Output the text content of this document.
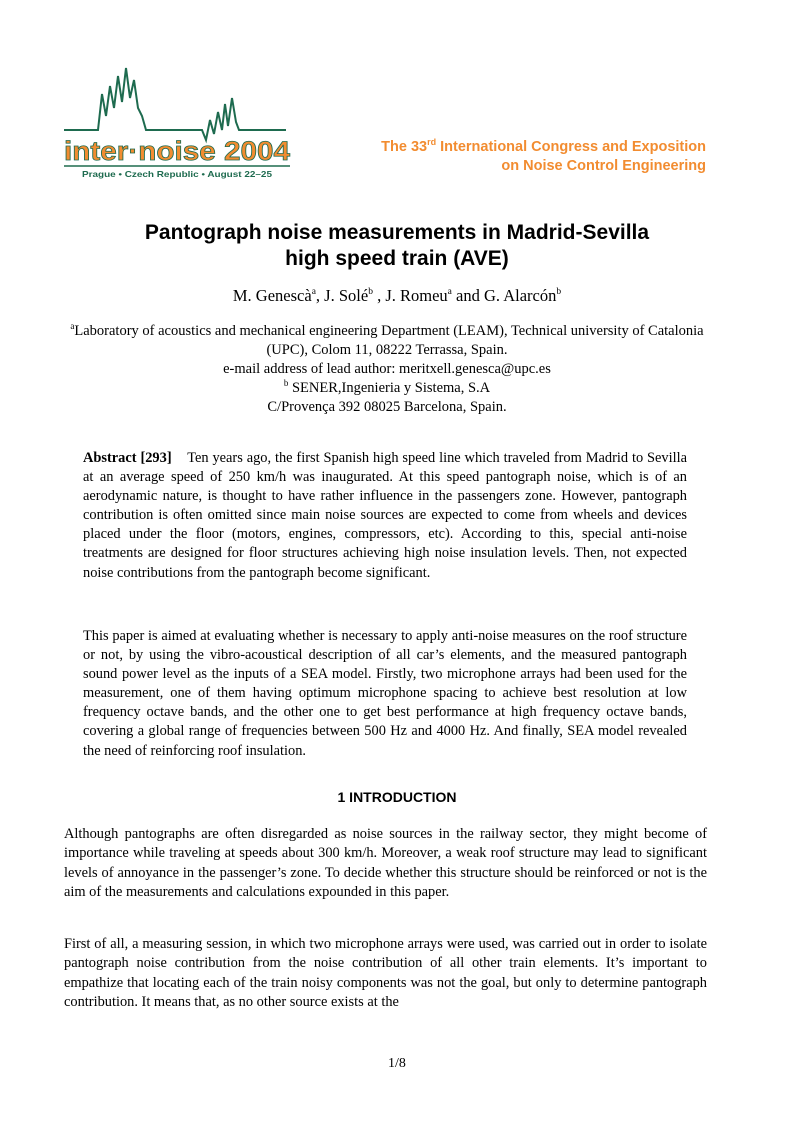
inter·noise 2004
Prague • Czech Republic • August 22–25
The 33rd International Congress and Exposition
on Noise Control Engineering
Pantograph noise measurements in Madrid-Sevilla
high speed train (AVE)
M. Genescà$^a$, J. Solé$^b$ , J. Romeu$^a$ and G. Alarcón$^b$
$^a$Laboratory of acoustics and mechanical engineering Department (LEAM), Technical university of Catalonia (UPC), Colom 11, 08222 Terrassa, Spain.
e-mail address of lead author: meritxell.genesca@upc.es
$^b$ SENER,Ingenieria y Sistema, S.A
C/Provença 392 08025 Barcelona, Spain.
Abstract [293] Ten years ago, the first Spanish high speed line which traveled from Madrid to Sevilla at an average speed of 250 km/h was inaugurated. At this speed pantograph noise, which is of an aerodynamic nature, is thought to have rather influence in the passengers zone. However, pantograph contribution is often omitted since main noise sources are expected to come from wheels and devices placed under the floor (motors, engines, compressors, etc). According to this, special anti-noise treatments are designed for floor structures achieving high noise insulation levels. Then, not expected noise contributions from the pantograph become significant.
This paper is aimed at evaluating whether is necessary to apply anti-noise measures on the roof structure or not, by using the vibro-acoustical description of all car’s elements, and the measured pantograph sound power level as the inputs of a SEA model. Firstly, two microphone arrays had been used for the measurement, one of them having optimum microphone spacing to achieve best resolution at low frequency octave bands, and the other one to get best performance at high frequency octave bands, covering a global range of frequencies between 500 Hz and 4000 Hz. And finally, SEA model revealed the need of reinforcing roof insulation.
1 INTRODUCTION
Although pantographs are often disregarded as noise sources in the railway sector, they might become of importance while traveling at speeds about 300 km/h. Moreover, a weak roof structure may lead to significant levels of annoyance in the passenger’s zone. To decide whether this structure should be reinforced or not is the aim of the measurements and calculations expounded in this paper.
First of all, a measuring session, in which two microphone arrays were used, was carried out in order to isolate pantograph noise contribution from the noise contribution of all other train elements. It’s important to empathize that locating each of the train noisy components was not the goal, but only to determine pantograph contribution. It means that, as no other source exists at the
1/8
